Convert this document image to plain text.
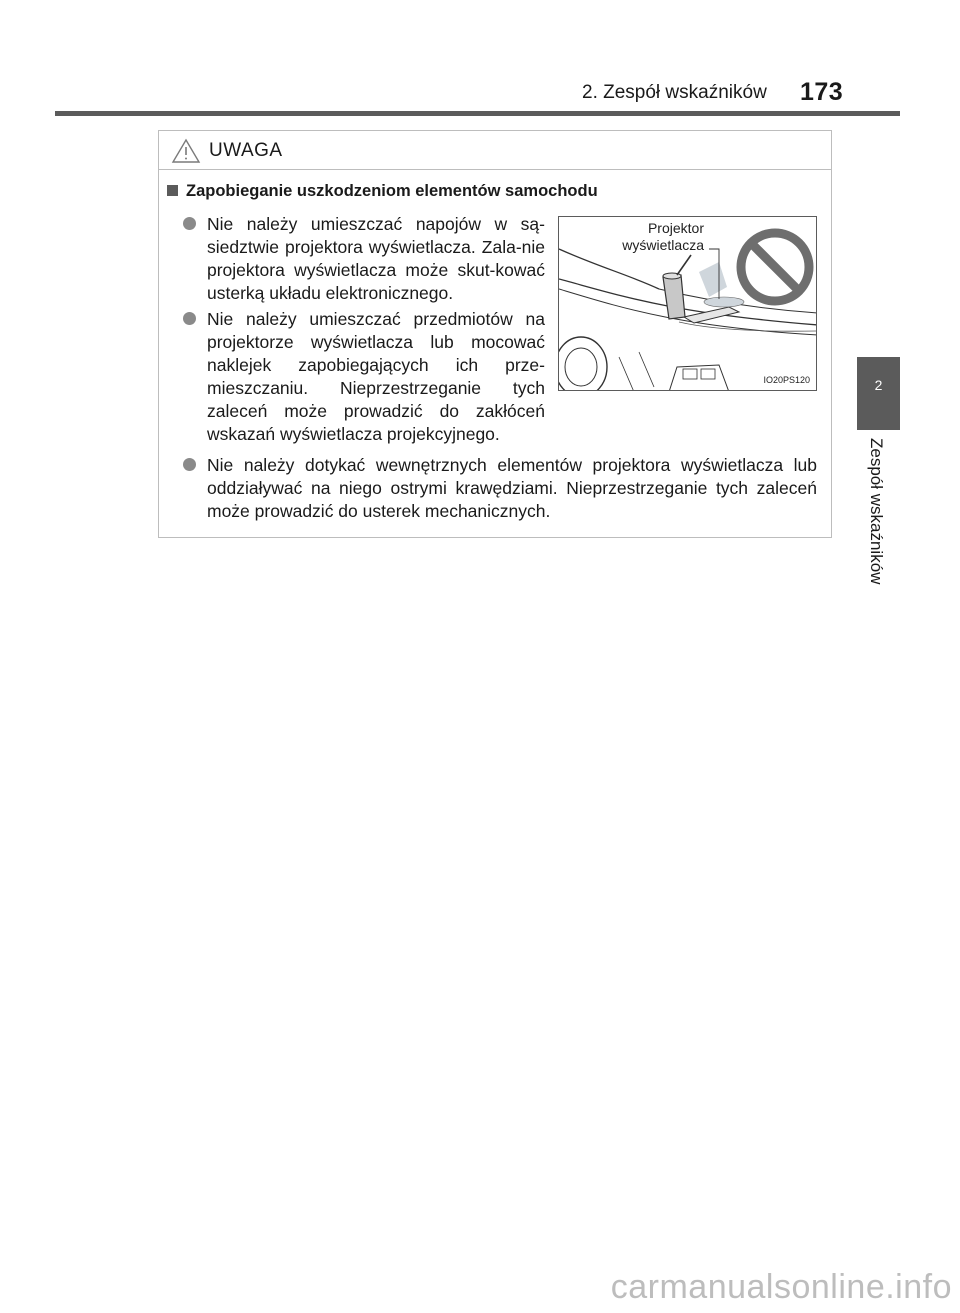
2. Zespół wskaźników 173
2
Zespół wskaźników
UWAGA
Zapobieganie uszkodzeniom elementów samochodu
Nie należy umieszczać napojów w są-siedztwie projektora wyświetlacza. Zala-nie projektora wyświetlacza może skut-kować usterką układu elektronicznego.
Nie należy umieszczać przedmiotów na projektorze wyświetlacza lub mocować naklejek zapobiegających ich prze-mieszczaniu. Nieprzestrzeganie tych zaleceń może prowadzić do zakłóceń wskazań wyświetlacza projekcyjnego.
Nie należy dotykać wewnętrznych elementów projektora wyświetlacza lub oddziaływać na niego ostrymi krawędziami. Nieprzestrzeganie tych zaleceń może prowadzić do usterek mechanicznych.
Projektor
wyświetlacza
IO20PS120
carmanualsonline.info
